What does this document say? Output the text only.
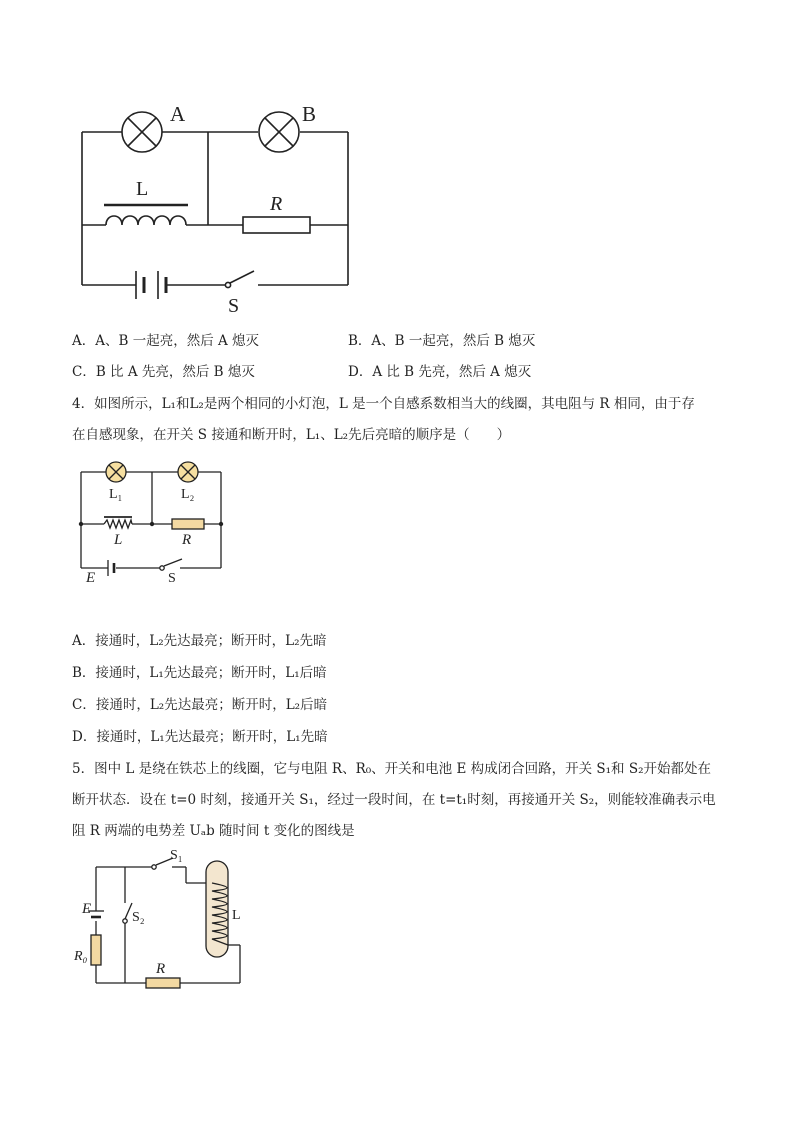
A	B
L
R
S
A．A、B 一起亮，然后 A 熄灭	B．A、B 一起亮，然后 B 熄灭
C．B 比 A 先亮，然后 B 熄灭	D．A 比 B 先亮，然后 A 熄灭
4．如图所示，L₁和L₂是两个相同的小灯泡，L 是一个自感系数相当大的线圈，其电阻与 R 相同，由于存
在自感现象，在开关 S 接通和断开时，L₁、L₂先后亮暗的顺序是（　　）
L₁	L₂
L	R
E	S
A．接通时，L₂先达最亮；断开时，L₂先暗
B．接通时，L₁先达最亮；断开时，L₁后暗
C．接通时，L₂先达最亮；断开时，L₂后暗
D．接通时，L₁先达最亮；断开时，L₁先暗
5．图中 L 是绕在铁芯上的线圈，它与电阻 R、R₀、开关和电池 E 构成闭合回路，开关 S₁和 S₂开始都处在
断开状态．设在 t=0 时刻，接通开关 S₁，经过一段时间，在 t=t₁时刻，再接通开关 S₂，则能较准确表示电
阻 R 两端的电势差 Uₐb 随时间 t 变化的图线是
S₁
S₂
E
R₀
R
L
